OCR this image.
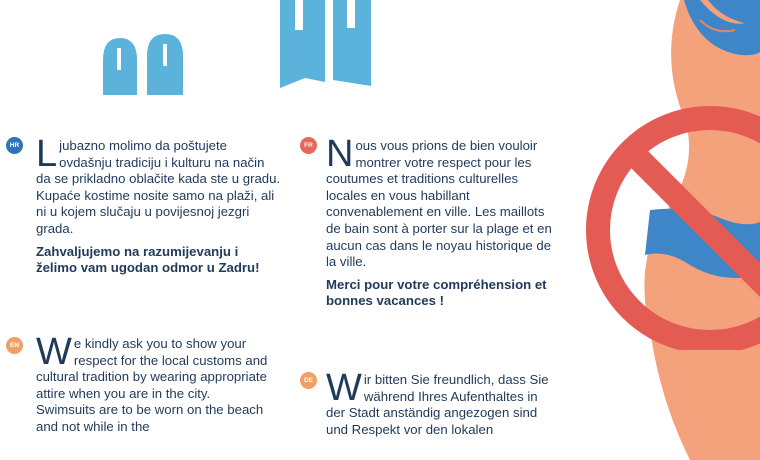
HR Ljubazno molimo da poštujete ovdašnju tradiciju i kulturu na način da se prikladno oblačite kada ste u gradu. Kupaće kostime nosite samo na plaži, ali ni u kojem slučaju u povijesnoj jezgri grada.

Zahvaljujemo na razumijevanju i želimo vam ugodan odmor u Zadru!

EN We kindly ask you to show your respect for the local customs and cultural tradition by wearing appropriate attire when you are in the city. Swimsuits are to be worn on the beach and not while in the

FR Nous vous prions de bien vouloir montrer votre respect pour les coutumes et traditions culturelles locales en vous habillant convenablement en ville. Les maillots de bain sont à porter sur la plage et en aucun cas dans le noyau historique de la ville.

Merci pour votre compréhension et bonnes vacances !

DE Wir bitten Sie freundlich, dass Sie während Ihres Aufenthaltes in der Stadt anständig angezogen sind und Respekt vor den lokalen
